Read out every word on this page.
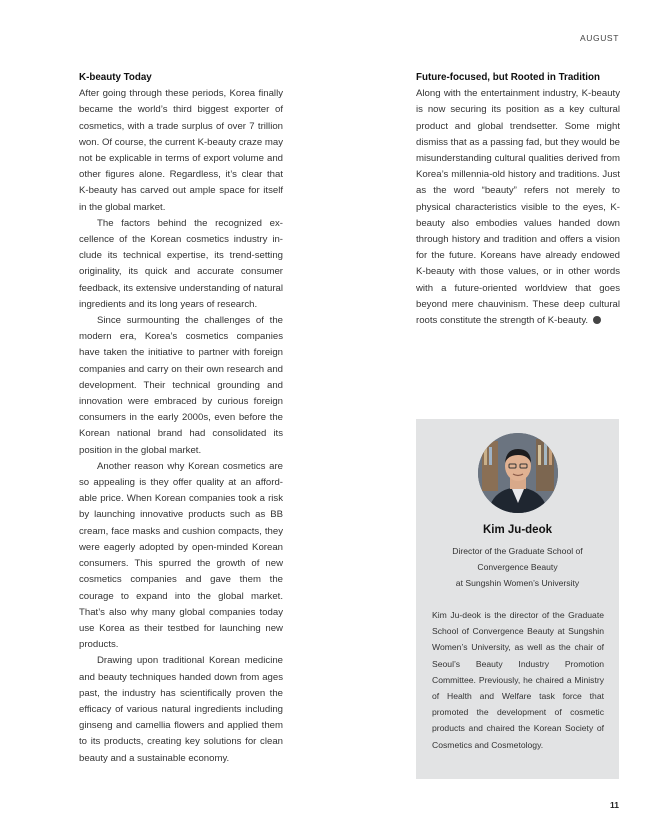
AUGUST
K-beauty Today

After going through these periods, Korea finally became the world’s third biggest exporter of cosmetics, with a trade surplus of over 7 trillion won. Of course, the current K-beauty craze may not be explicable in terms of export volume and other figures alone. Regardless, it’s clear that K-beauty has carved out ample space for itself in the global market.

The factors behind the recognized excellence of the Korean cosmetics industry include its technical expertise, its trend-setting originality, its quick and accurate consumer feedback, its extensive understanding of natural ingredients and its long years of research.

Since surmounting the challenges of the modern era, Korea’s cosmetics companies have taken the initiative to partner with foreign companies and carry on their own research and development. Their technical grounding and innovation were embraced by curious foreign consumers in the early 2000s, even before the Korean national brand had consolidated its position in the global market.

Another reason why Korean cosmetics are so appealing is they offer quality at an affordable price. When Korean companies took a risk by launching innovative products such as BB cream, face masks and cushion compacts, they were eagerly adopted by open-minded Korean consumers. This spurred the growth of new cosmetics companies and gave them the courage to expand into the global market. That’s also why many global companies today use Korea as their testbed for launching new products.

Drawing upon traditional Korean medicine and beauty techniques handed down from ages past, the industry has scientifically proven the efficacy of various natural ingredients including ginseng and camellia flowers and applied them to its products, creating key solutions for clean beauty and a sustainable economy.

Future-focused, but Rooted in Tradition

Along with the entertainment industry, K-beauty is now securing its position as a key cultural product and global trendsetter. Some might dismiss that as a passing fad, but they would be misunderstanding cultural qualities derived from Korea’s millennia-old history and traditions. Just as the word “beauty” refers not merely to physical characteristics visible to the eyes, K-beauty also embodies values handed down through history and tradition and offers a vision for the future. Koreans have already endowed K-beauty with those values, or in other words with a future-oriented worldview that goes beyond mere chauvinism. These deep cultural roots constitute the strength of K-beauty.

Kim Ju-deok
Director of the Graduate School of
Convergence Beauty
at Sungshin Women’s University
Kim Ju-deok is the director of the Graduate School of Convergence Beauty at Sungshin Women’s University, as well as the chair of Seoul’s Beauty Industry Promotion Committee. Previously, he chaired a Ministry of Health and Welfare task force that promoted the development of cosmetic products and chaired the Korean Society of Cosmetics and Cosmetology.
11
